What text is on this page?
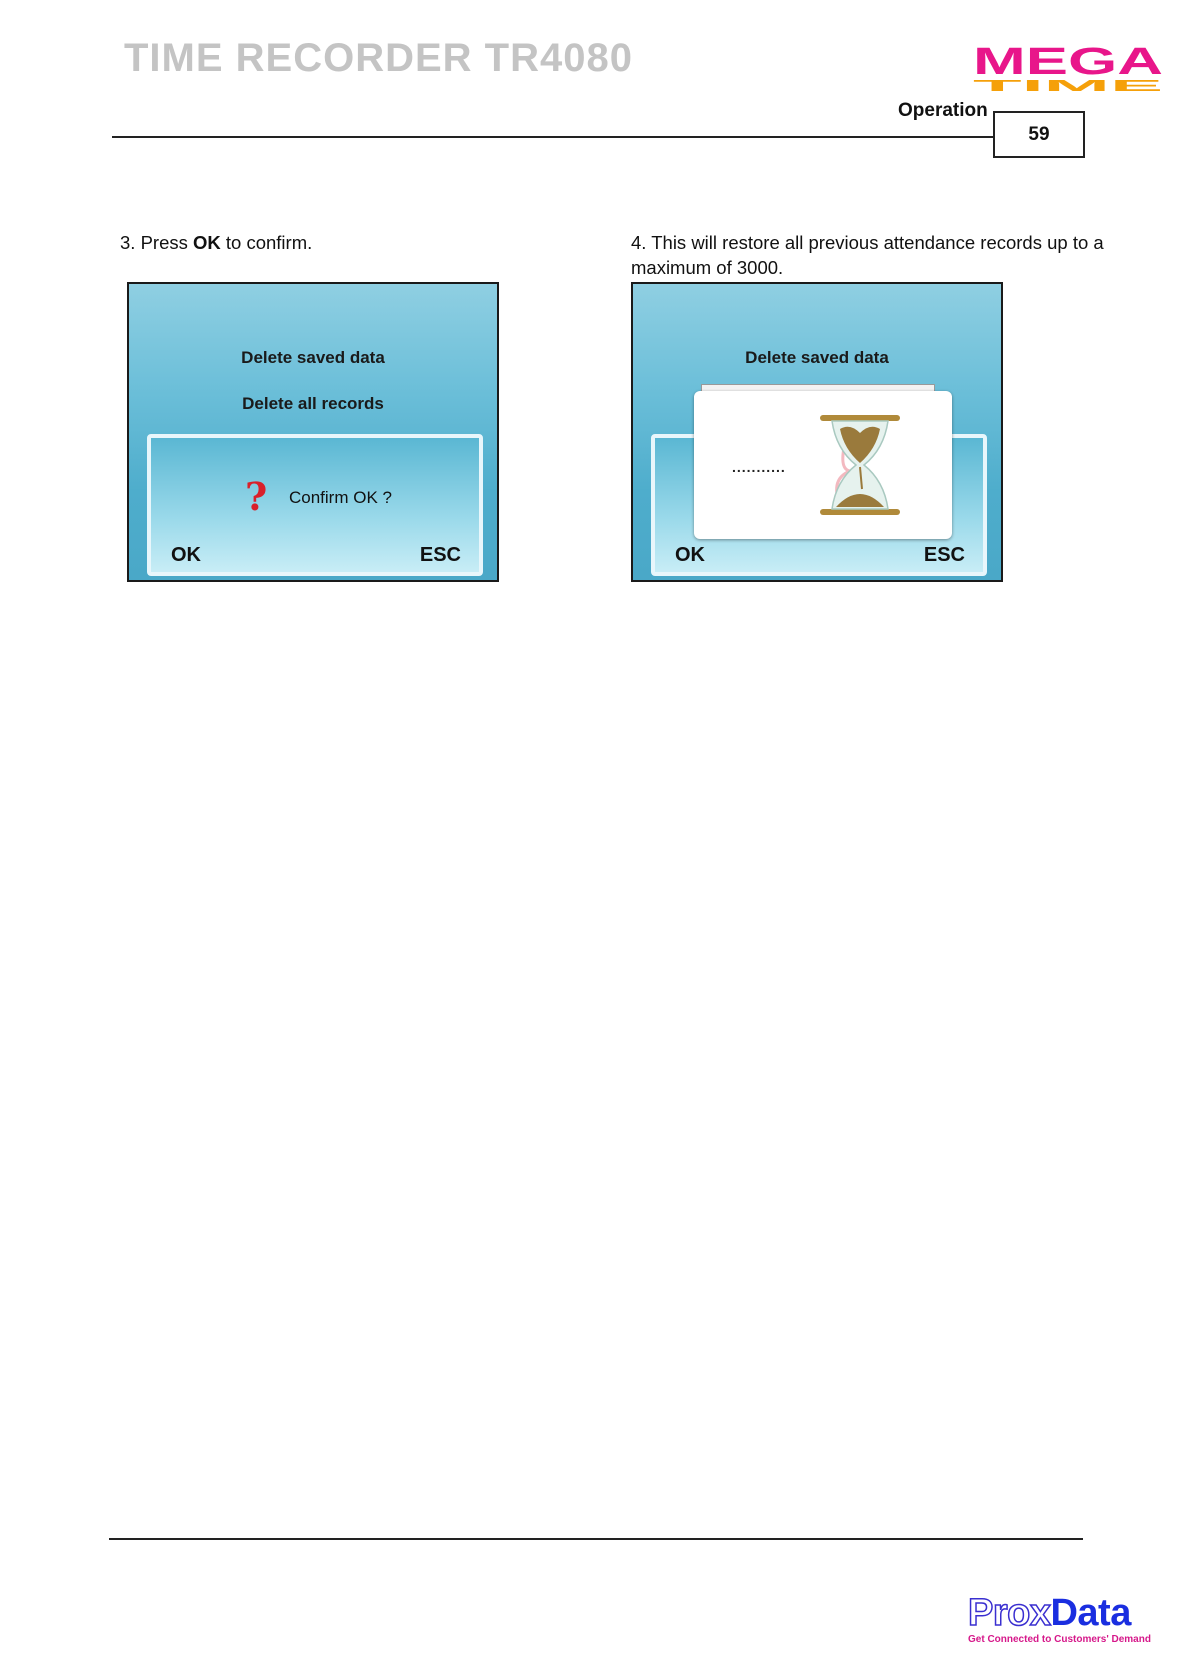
TIME RECORDER TR4080	MEGA
TIME
Operation
59
3. Press OK to confirm.	4. This will restore all previous attendance records up to a maximum of 3000.
Delete saved data
Delete all records
? Confirm OK ?
OK	ESC
Delete saved data
OK	ESC
...........
ProxData
Get Connected to Customers' Demand
